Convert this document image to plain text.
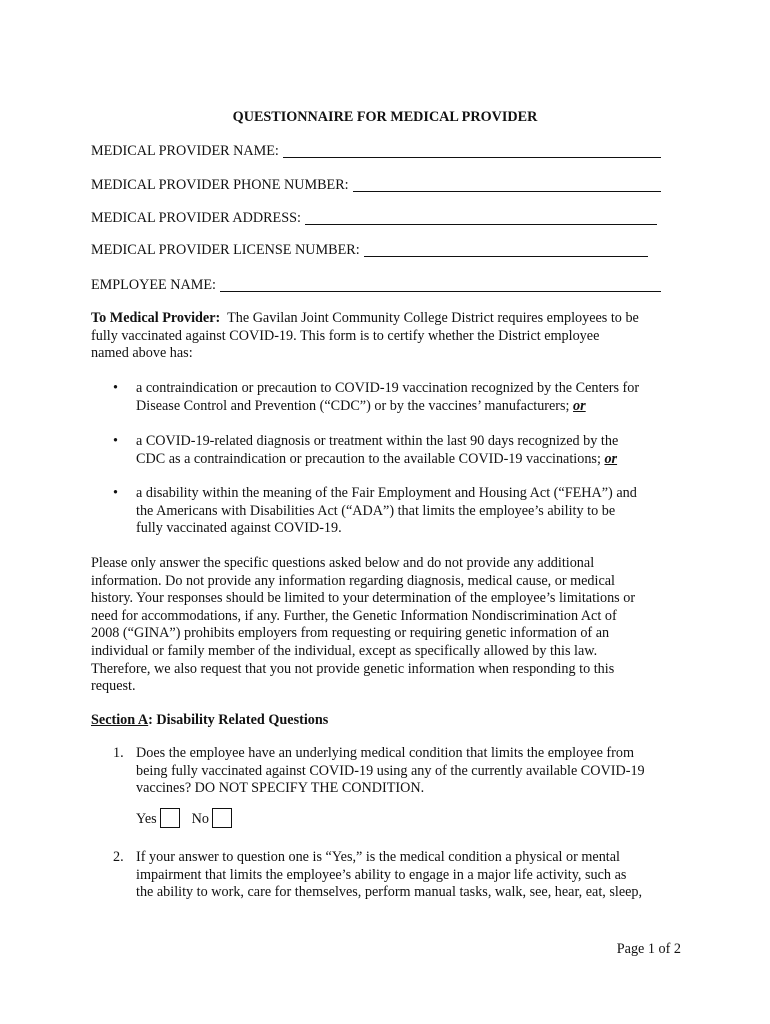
QUESTIONNAIRE FOR MEDICAL PROVIDER
MEDICAL PROVIDER NAME:
MEDICAL PROVIDER PHONE NUMBER:
MEDICAL PROVIDER ADDRESS:
MEDICAL PROVIDER LICENSE NUMBER:
EMPLOYEE NAME:

To Medical Provider:  The Gavilan Joint Community College District requires employees to be
fully vaccinated against COVID-19. This form is to certify whether the District employee
named above has:

• a contraindication or precaution to COVID-19 vaccination recognized by the Centers for
Disease Control and Prevention (“CDC”) or by the vaccines’ manufacturers; or

• a COVID-19-related diagnosis or treatment within the last 90 days recognized by the
CDC as a contraindication or precaution to the available COVID-19 vaccinations; or

• a disability within the meaning of the Fair Employment and Housing Act (“FEHA”) and
the Americans with Disabilities Act (“ADA”) that limits the employee’s ability to be
fully vaccinated against COVID-19.

Please only answer the specific questions asked below and do not provide any additional
information. Do not provide any information regarding diagnosis, medical cause, or medical
history. Your responses should be limited to your determination of the employee’s limitations or
need for accommodations, if any. Further, the Genetic Information Nondiscrimination Act of
2008 (“GINA”) prohibits employers from requesting or requiring genetic information of an
individual or family member of the individual, except as specifically allowed by this law.
Therefore, we also request that you not provide genetic information when responding to this
request.

Section A: Disability Related Questions
1. Does the employee have an underlying medical condition that limits the employee from
being fully vaccinated against COVID-19 using any of the currently available COVID-19
vaccines? DO NOT SPECIFY THE CONDITION.

Yes No
2. If your answer to question one is “Yes,” is the medical condition a physical or mental
impairment that limits the employee’s ability to engage in a major life activity, such as
the ability to work, care for themselves, perform manual tasks, walk, see, hear, eat, sleep,

Page 1 of 2
